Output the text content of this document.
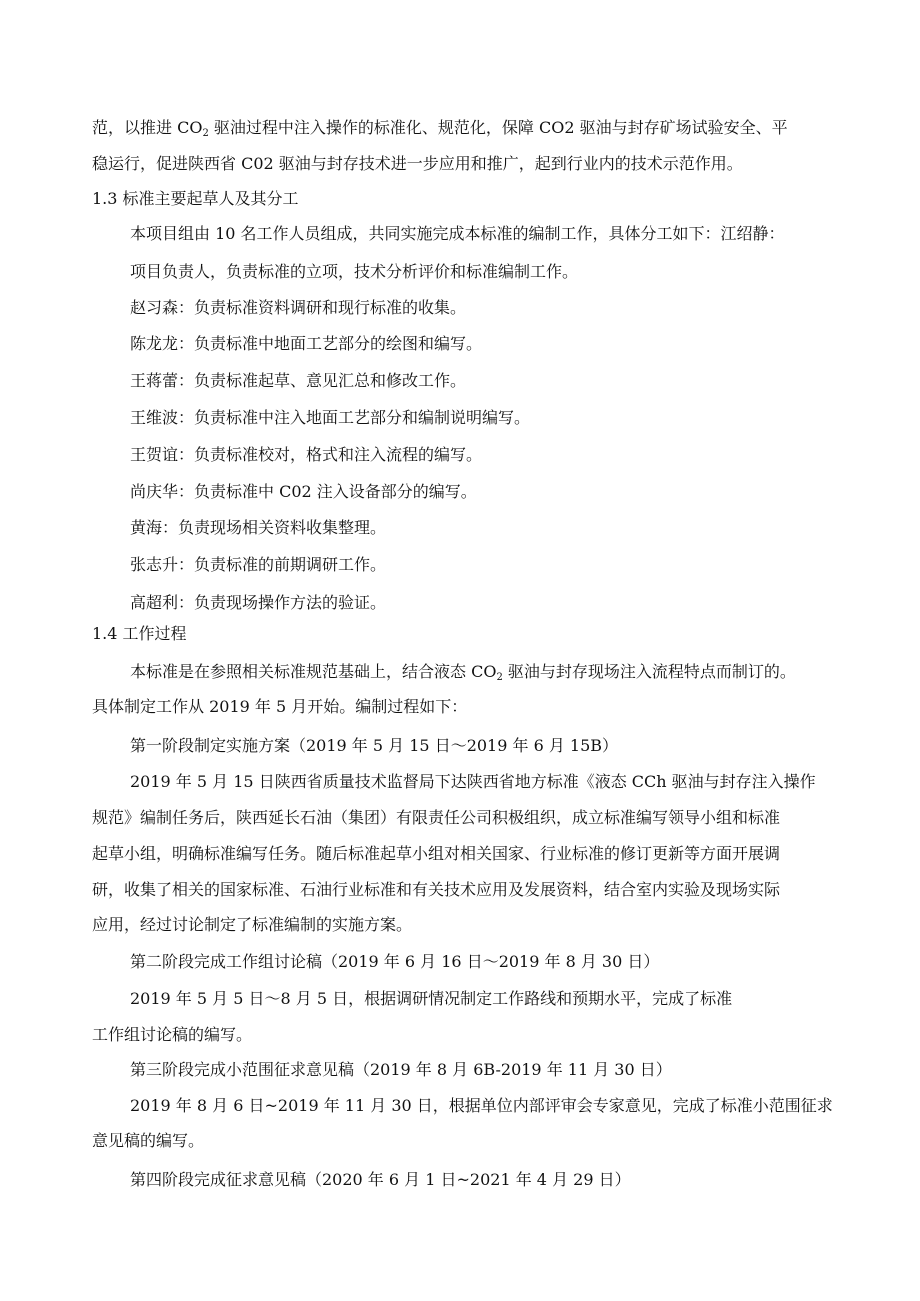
范，以推进 $CO_2$ 驱油过程中注入操作的标准化、规范化，保障 CO2 驱油与封存矿场试验安全、平
稳运行，促进陕西省 C02 驱油与封存技术进一步应用和推广，起到行业内的技术示范作用。
1.3 标准主要起草人及其分工
本项目组由 10 名工作人员组成，共同实施完成本标准的编制工作，具体分工如下：江绍静：
项目负责人，负责标准的立项，技术分析评价和标准编制工作。
赵习森：负责标准资料调研和现行标准的收集。
陈龙龙：负责标准中地面工艺部分的绘图和编写。
王蒋蕾：负责标准起草、意见汇总和修改工作。
王维波：负责标准中注入地面工艺部分和编制说明编写。
王贺谊：负责标准校对，格式和注入流程的编写。
尚庆华：负责标准中 C02 注入设备部分的编写。
黄海：负责现场相关资料收集整理。
张志升：负责标准的前期调研工作。
高超利：负责现场操作方法的验证。
1.4 工作过程
本标准是在参照相关标准规范基础上，结合液态 $CO_2$ 驱油与封存现场注入流程特点而制订的。
具体制定工作从 2019 年 5 月开始。编制过程如下：
第一阶段制定实施方案（2019 年 5 月 15 日～2019 年 6 月 15B）
2019 年 5 月 15 日陕西省质量技术监督局下达陕西省地方标准《液态 CCh 驱油与封存注入操作
规范》编制任务后，陕西延长石油（集团）有限责任公司积极组织，成立标准编写领导小组和标准
起草小组，明确标准编写任务。随后标准起草小组对相关国家、行业标准的修订更新等方面开展调
研，收集了相关的国家标准、石油行业标准和有关技术应用及发展资料，结合室内实验及现场实际
应用，经过讨论制定了标准编制的实施方案。
第二阶段完成工作组讨论稿（2019 年 6 月 16 日～2019 年 8 月 30 日）
2019 年 5 月 5 日～8 月 5 日，根据调研情况制定工作路线和预期水平，完成了标准
工作组讨论稿的编写。
第三阶段完成小范围征求意见稿（2019 年 8 月 6B-2019 年 11 月 30 日）
2019 年 8 月 6 日~2019 年 11 月 30 日，根据单位内部评审会专家意见，完成了标准小范围征求
意见稿的编写。
第四阶段完成征求意见稿（2020 年 6 月 1 日~2021 年 4 月 29 日）
